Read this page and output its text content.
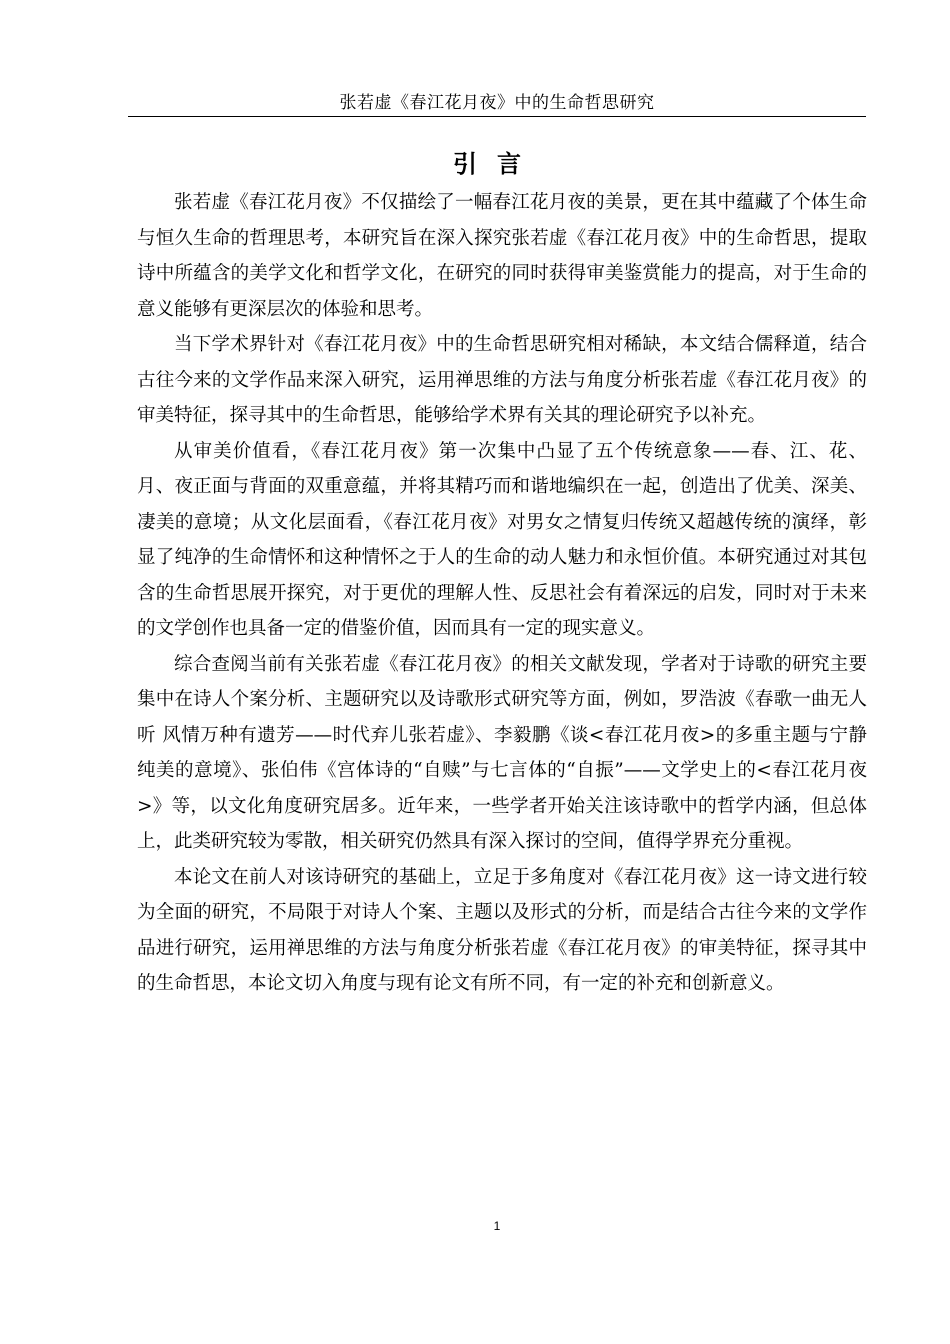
张若虚《春江花月夜》中的生命哲思研究
引言

张若虚《春江花月夜》不仅描绘了一幅春江花月夜的美景，更在其中蕴藏了个体生命与恒久生命的哲理思考，本研究旨在深入探究张若虚《春江花月夜》中的生命哲思，提取诗中所蕴含的美学文化和哲学文化，在研究的同时获得审美鉴赏能力的提高，对于生命的意义能够有更深层次的体验和思考。

当下学术界针对《春江花月夜》中的生命哲思研究相对稀缺，本文结合儒释道，结合古往今来的文学作品来深入研究，运用禅思维的方法与角度分析张若虚《春江花月夜》的审美特征，探寻其中的生命哲思，能够给学术界有关其的理论研究予以补充。

从审美价值看，《春江花月夜》第一次集中凸显了五个传统意象——春、江、花、月、夜正面与背面的双重意蕴，并将其精巧而和谐地编织在一起，创造出了优美、深美、凄美的意境；从文化层面看，《春江花月夜》对男女之情复归传统又超越传统的演绎，彰显了纯净的生命情怀和这种情怀之于人的生命的动人魅力和永恒价值。本研究通过对其包含的生命哲思展开探究，对于更优的理解人性、反思社会有着深远的启发，同时对于未来的文学创作也具备一定的借鉴价值，因而具有一定的现实意义。

综合查阅当前有关张若虚《春江花月夜》的相关文献发现，学者对于诗歌的研究主要集中在诗人个案分析、主题研究以及诗歌形式研究等方面，例如，罗浩波《春歌一曲无人听 风情万种有遗芳——时代弃儿张若虚》、李毅鹏《谈<春江花月夜>的多重主题与宁静纯美的意境》、张伯伟《宫体诗的“自赎”与七言体的“自振”——文学史上的<春江花月夜>》等，以文化角度研究居多。近年来，一些学者开始关注该诗歌中的哲学内涵，但总体上，此类研究较为零散，相关研究仍然具有深入探讨的空间，值得学界充分重视。

本论文在前人对该诗研究的基础上，立足于多角度对《春江花月夜》这一诗文进行较为全面的研究，不局限于对诗人个案、主题以及形式的分析，而是结合古往今来的文学作品进行研究，运用禅思维的方法与角度分析张若虚《春江花月夜》的审美特征，探寻其中的生命哲思，本论文切入角度与现有论文有所不同，有一定的补充和创新意义。

1
